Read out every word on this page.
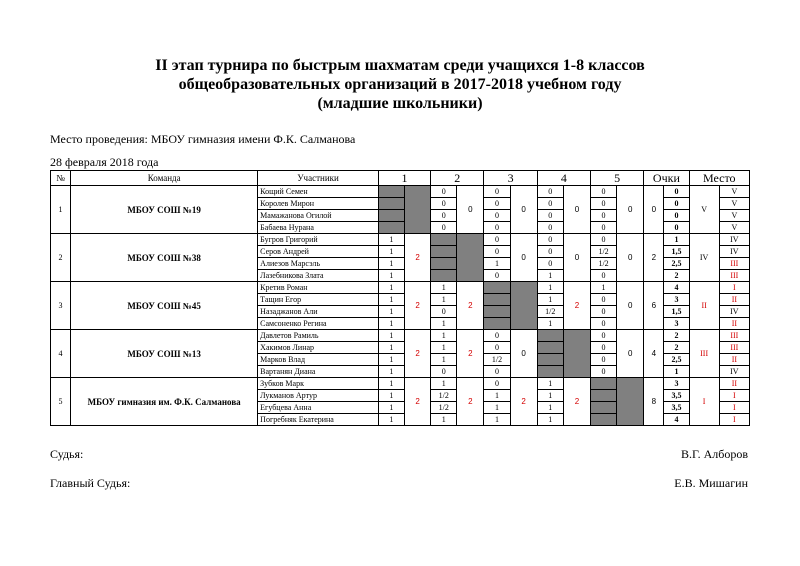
II этап турнира по быстрым шахматам среди учащихся 1-8 классов
общеобразовательных организаций в 2017-2018 учебном году
(младшие школьники)
Место проведения: МБОУ гимназия имени Ф.К. Салманова
28 февраля 2018 года
№	Команда	Участники	1		2		3		4		5		Очки		Место	
1	МБОУ СОШ №19	Кощий Семен			0	0	0	0	0	0	0	0	0	0	V	V
		Королев Мирон			0		0		0		0			0		V
		Мамажанова Огилой			0		0		0		0			0		V
		Бабаева Нурана			0		0		0		0			0		V
2	МБОУ СОШ №38	Бугров Григорий	1	2			0	0	0	0	0	0	2	1	IV	IV
		Серов Андрей	1				0		0		1/2			1,5		IV
		Алиезов Марсэль	1				1		0		1/2			2,5		III
		Лазебникова Злата	1				0		1		0			2		III
3	МБОУ СОШ №45	Кретив Роман	1	2	1	2			1	2	1	0	6	4	II	I
		Тащин Егор	1		1				1		0			3		II
		Назаджанов Али	1		0				1/2		0			1,5		IV
		Самсоненко Регина	1		1				1		0			3		II
4	МБОУ СОШ №13	Давлетов Рамиль	1	2	1	2	0	0			0	0	4	2	III	III
		Хакимов Линар	1		1		0				0			2		III
		Марков Влад	1		1		1/2				0			2,5		II
		Вартанян Диана	1		0		0				0			1		IV
5	МБОУ гимназия им. Ф.К. Салманова	Зубков Марк	1	2	1	2	0	2	1	2			8	3	I	II
		Лукманов Артур	1		1/2		1		1					3,5		I
		Егубцева Анна	1		1/2		1		1					3,5		I
		Погребняк Екатерина	1		1		1		1					4		I
Судья:	В.Г. Алборов
Главный Судья:	Е.В. Мишагин
